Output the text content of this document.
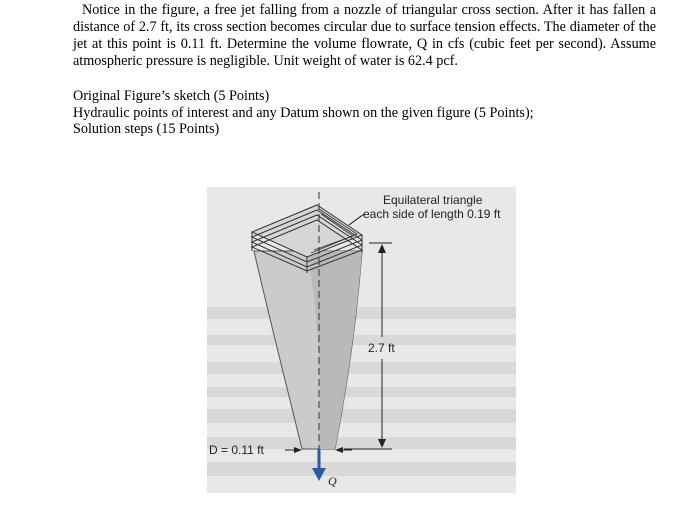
Notice in the figure, a free jet falling from a nozzle of triangular cross section. After it has fallen a distance of 2.7 ft, its cross section becomes circular due to surface tension effects. The diameter of the jet at this point is 0.11 ft. Determine the volume flowrate, Q in cfs (cubic feet per second). Assume atmospheric pressure is negligible. Unit weight of water is 62.4 pcf.

Original Figure’s sketch (5 Points)
Hydraulic points of interest and any Datum shown on the given figure (5 Points);
Solution steps (15 Points)
Equilateral triangle
each side of length 0.19 ft
2.7 ft
D = 0.11 ft
Q
